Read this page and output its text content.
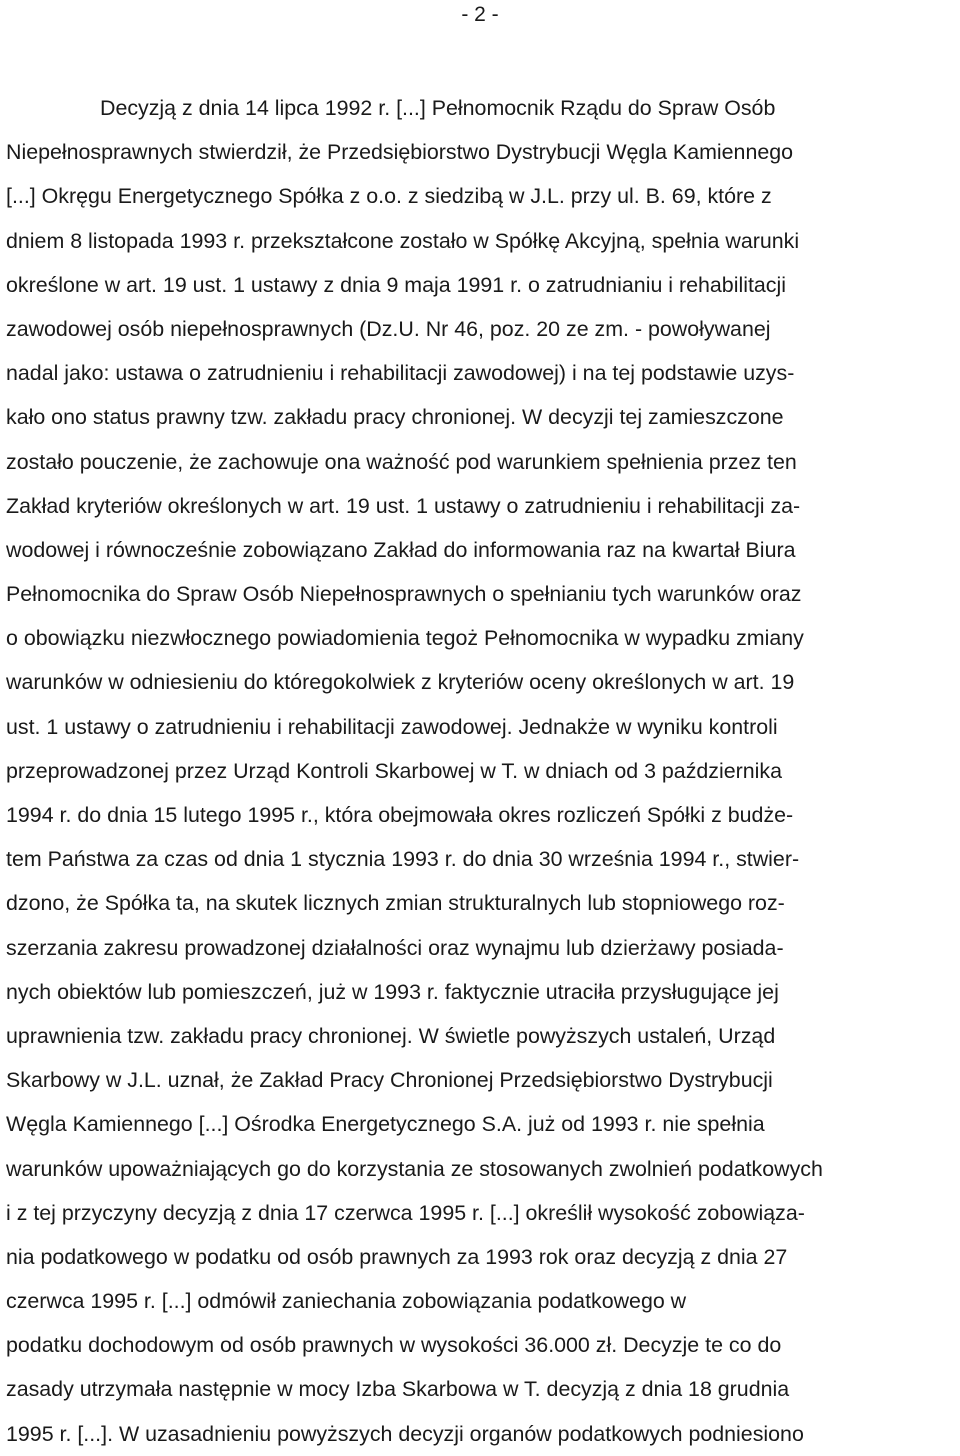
- 2 -
Decyzją z dnia 14 lipca 1992 r. [...] Pełnomocnik Rządu do Spraw Osób
Niepełnosprawnych stwierdził, że Przedsiębiorstwo Dystrybucji Węgla Kamiennego
[...] Okręgu Energetycznego Spółka z o.o. z siedzibą w J.L. przy ul. B. 69, które z
dniem 8 listopada 1993 r. przekształcone zostało w Spółkę Akcyjną, spełnia warunki
określone w art. 19 ust. 1 ustawy z dnia 9 maja 1991 r. o zatrudnianiu i rehabilitacji
zawodowej osób niepełnosprawnych (Dz.U. Nr 46, poz. 20 ze zm. - powoływanej
nadal jako: ustawa o zatrudnieniu i rehabilitacji zawodowej) i na tej podstawie uzys-
kało ono status prawny tzw. zakładu pracy chronionej. W decyzji tej zamieszczone
zostało pouczenie, że zachowuje ona ważność pod warunkiem spełnienia przez ten
Zakład kryteriów określonych w art. 19 ust. 1 ustawy o zatrudnieniu i rehabilitacji za-
wodowej i równocześnie zobowiązano Zakład do informowania raz na kwartał Biura
Pełnomocnika do Spraw Osób Niepełnosprawnych o spełnianiu tych warunków oraz
o obowiązku niezwłocznego powiadomienia tegoż Pełnomocnika w wypadku zmiany
warunków w odniesieniu do któregokolwiek z kryteriów oceny określonych w art. 19
ust. 1 ustawy o zatrudnieniu i rehabilitacji zawodowej. Jednakże w wyniku kontroli
przeprowadzonej przez Urząd Kontroli Skarbowej w T. w dniach od 3 października
1994 r. do dnia 15 lutego 1995 r., która obejmowała okres rozliczeń Spółki z budże-
tem Państwa za czas od dnia 1 stycznia 1993 r. do dnia 30 września 1994 r., stwier-
dzono, że Spółka ta, na skutek licznych zmian strukturalnych lub stopniowego roz-
szerzania zakresu prowadzonej działalności oraz wynajmu lub dzierżawy posiada-
nych obiektów lub pomieszczeń, już w 1993 r. faktycznie utraciła przysługujące jej
uprawnienia tzw. zakładu pracy chronionej. W świetle powyższych ustaleń, Urząd
Skarbowy w J.L. uznał, że Zakład Pracy Chronionej Przedsiębiorstwo Dystrybucji
Węgla Kamiennego [...] Ośrodka Energetycznego S.A. już od 1993 r. nie spełnia
warunków upoważniających go do korzystania ze stosowanych zwolnień podatkowych
i z tej przyczyny decyzją z dnia 17 czerwca 1995 r. [...] określił wysokość zobowiąza-
nia podatkowego w podatku od osób prawnych za 1993 rok oraz decyzją z dnia 27
czerwca 1995 r. [...] odmówił zaniechania zobowiązania podatkowego w
podatku dochodowym od osób prawnych w wysokości 36.000 zł. Decyzje te co do
zasady utrzymała następnie w mocy Izba Skarbowa w T. decyzją z dnia 18 grudnia
1995 r. [...]. W uzasadnieniu powyższych decyzji organów podatkowych podniesiono
